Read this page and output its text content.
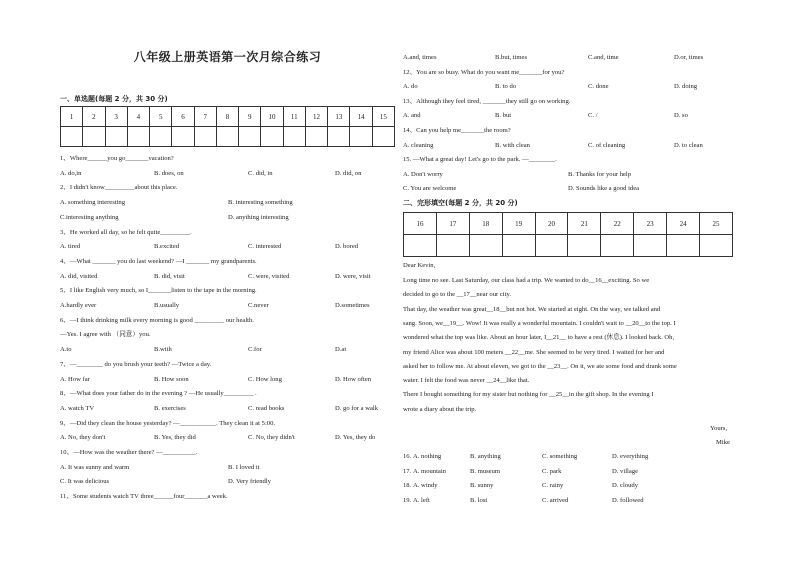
八年级上册英语第一次月综合练习
一、单选题(每题 2 分，共 30 分)
1	2	3	4	5	6	7	8	9	10	11	12	13	14	15

1、Where______you go_______vacation?
A. do,in	B. does, on	C. did, in	D. did, on
2、I didn't know_________about this place.
A. something interesting	B. interesting something
C.interesting anything	D. anything interesting
3、He worked all day, so he felt quite_________.
A. tired	B.excited	C. interested	D. bored
4、—What _______ you do last weekend? —I _______ my grandparents.
A. did, visited	B. did, visit	C. were, visited	D. were, visit
5、I like English very much, so I_______listen to the tape in the morning.
A.hardly ever	B.usually	C.never	D.sometimes
6、—I think drinking milk every morning is good _________ our health.
—Yes. I agree with （同意）you.
A.to	B.with	C.for	D.at
7、—________ do you brush your teeth? —Twice a day.
A. How far	B. How soon	C. How long	D. How often
8、—What does your father do in the evening ? —He usually_________ .
A. watch TV	B. exercises	C. read books	D. go for a walk
9、—Did they clean the house yesterday? —___________. They clean it at 5:00.
A. No, they don't	B. Yes, they did	C. No, they didn't	D. Yes, they do
10、—How was the weather there? —__________.
A. It was sunny and warm	B. I loved it
C. It was delicious	D. Very friendly
11、Some students watch TV three______four_______a week.
A.and, times	B.but, times	C.and, time	D.or, times
12、You are so busy. What do you want me_______for you?
A. do	B. to do	C. done	D. doing
13、Although they feel tired, _______they still go on working.
A. and	B. but	C. /	D. so
14、Can you help me_______the room?
A. cleaning	B. with clean	C. of cleaning	D. to clean
15. —What a great day! Let's go to the park. —________.
A. Don't worry	B. Thanks for your help
C. You are welcome	D. Sounds like a good idea
二、完形填空(每题 2 分，共 20 分)
16	17	18	19	20	21	22	23	24	25

Dear Kevin,
Long time no see. Last Saturday, our class had a trip. We wanted to do__16__exciting. So we
decided to go to the __17__near our city.
That day, the weather was great__18__but not hot. We started at eight. On the way, we talked and
sang. Soon, we__19__. Wow! It was really a wonderful mountain. I couldn't wait to __20__to the top. I
wondered what the top was like. About an hour later, I__21__ to have a rest (休息). I looked back. Oh,
my friend Alice was about 100 meters __22__me. She seemed to be very tired. I waited for her and
asked her to follow me. At about eleven, we got to the __23__. On it, we ate some food and drank some
water. I felt the food was never __24__like that.
There I bought something for my sister but nothing for __25__in the gift shop. In the evening I
wrote a diary about the trip.
Yours,
Mike
16. A. nothing	B. anything	C. something	D. everything
17. A. mountain	B. museum	C. park	D. village
18. A. windy	B. sunny	C. rainy	D. cloudy
19. A. left	B. lost	C. arrived	D. followed
